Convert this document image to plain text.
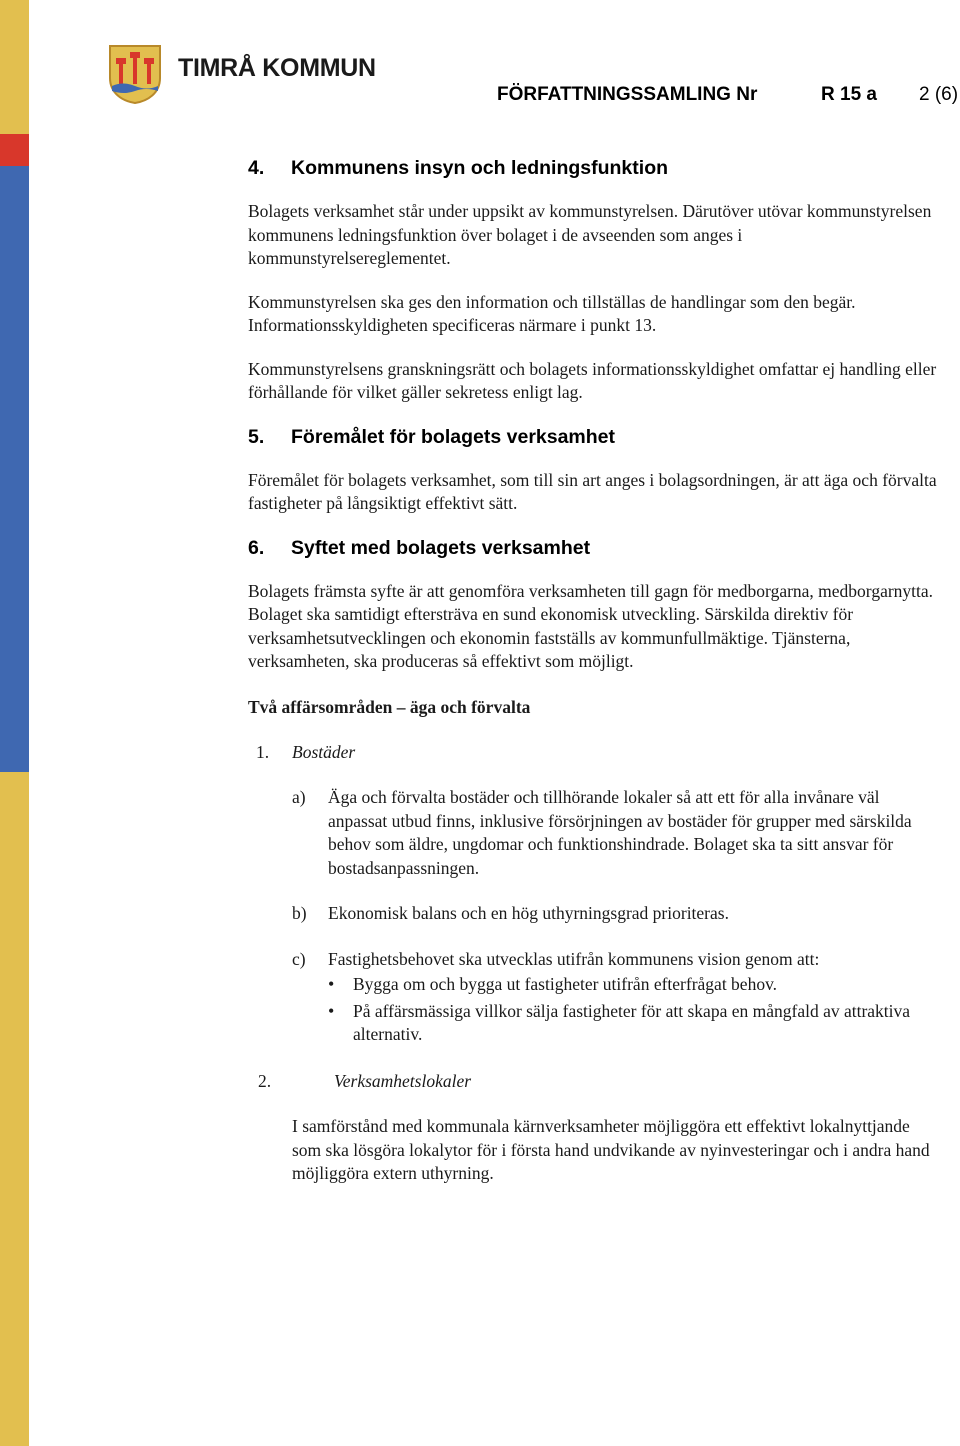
TIMRÅ KOMMUN
FÖRFATTNINGSSAMLING Nr	R 15 a 2 (6)
4. Kommunens insyn och ledningsfunktion

Bolagets verksamhet står under uppsikt av kommunstyrelsen. Därutöver utövar kommunstyrelsen kommunens ledningsfunktion över bolaget i de avseenden som anges i kommunstyrelsereglementet.

Kommunstyrelsen ska ges den information och tillställas de handlingar som den begär. Informationsskyldigheten specificeras närmare i punkt 13.

Kommunstyrelsens granskningsrätt och bolagets informationsskyldighet omfattar ej handling eller förhållande för vilket gäller sekretess enligt lag.

5. Föremålet för bolagets verksamhet

Föremålet för bolagets verksamhet, som till sin art anges i bolagsordningen, är att äga och förvalta fastigheter på långsiktigt effektivt sätt.

6. Syftet med bolagets verksamhet

Bolagets främsta syfte är att genomföra verksamheten till gagn för medborgarna, medborgarnytta. Bolaget ska samtidigt eftersträva en sund ekonomisk utveckling. Särskilda direktiv för verksamhetsutvecklingen och ekonomin fastställs av kommunfullmäktige. Tjänsterna, verksamheten, ska produceras så effektivt som möjligt.

Två affärsområden – äga och förvalta
1. Bostäder
a) Äga och förvalta bostäder och tillhörande lokaler så att ett för alla invånare väl anpassat utbud finns, inklusive försörjningen av bostäder för grupper med särskilda behov som äldre, ungdomar och funktionshindrade. Bolaget ska ta sitt ansvar för bostadsanpassningen.
b) Ekonomisk balans och en hög uthyrningsgrad prioriteras.
c) Fastighetsbehovet ska utvecklas utifrån kommunens vision genom att:
• Bygga om och bygga ut fastigheter utifrån efterfrågat behov.
• På affärsmässiga villkor sälja fastigheter för att skapa en mångfald av attraktiva alternativ.
2.	Verksamhetslokaler

I samförstånd med kommunala kärnverksamheter möjliggöra ett effektivt lokalnyttjande som ska lösgöra lokalytor för i första hand undvikande av nyinvesteringar och i andra hand möjliggöra extern uthyrning.
